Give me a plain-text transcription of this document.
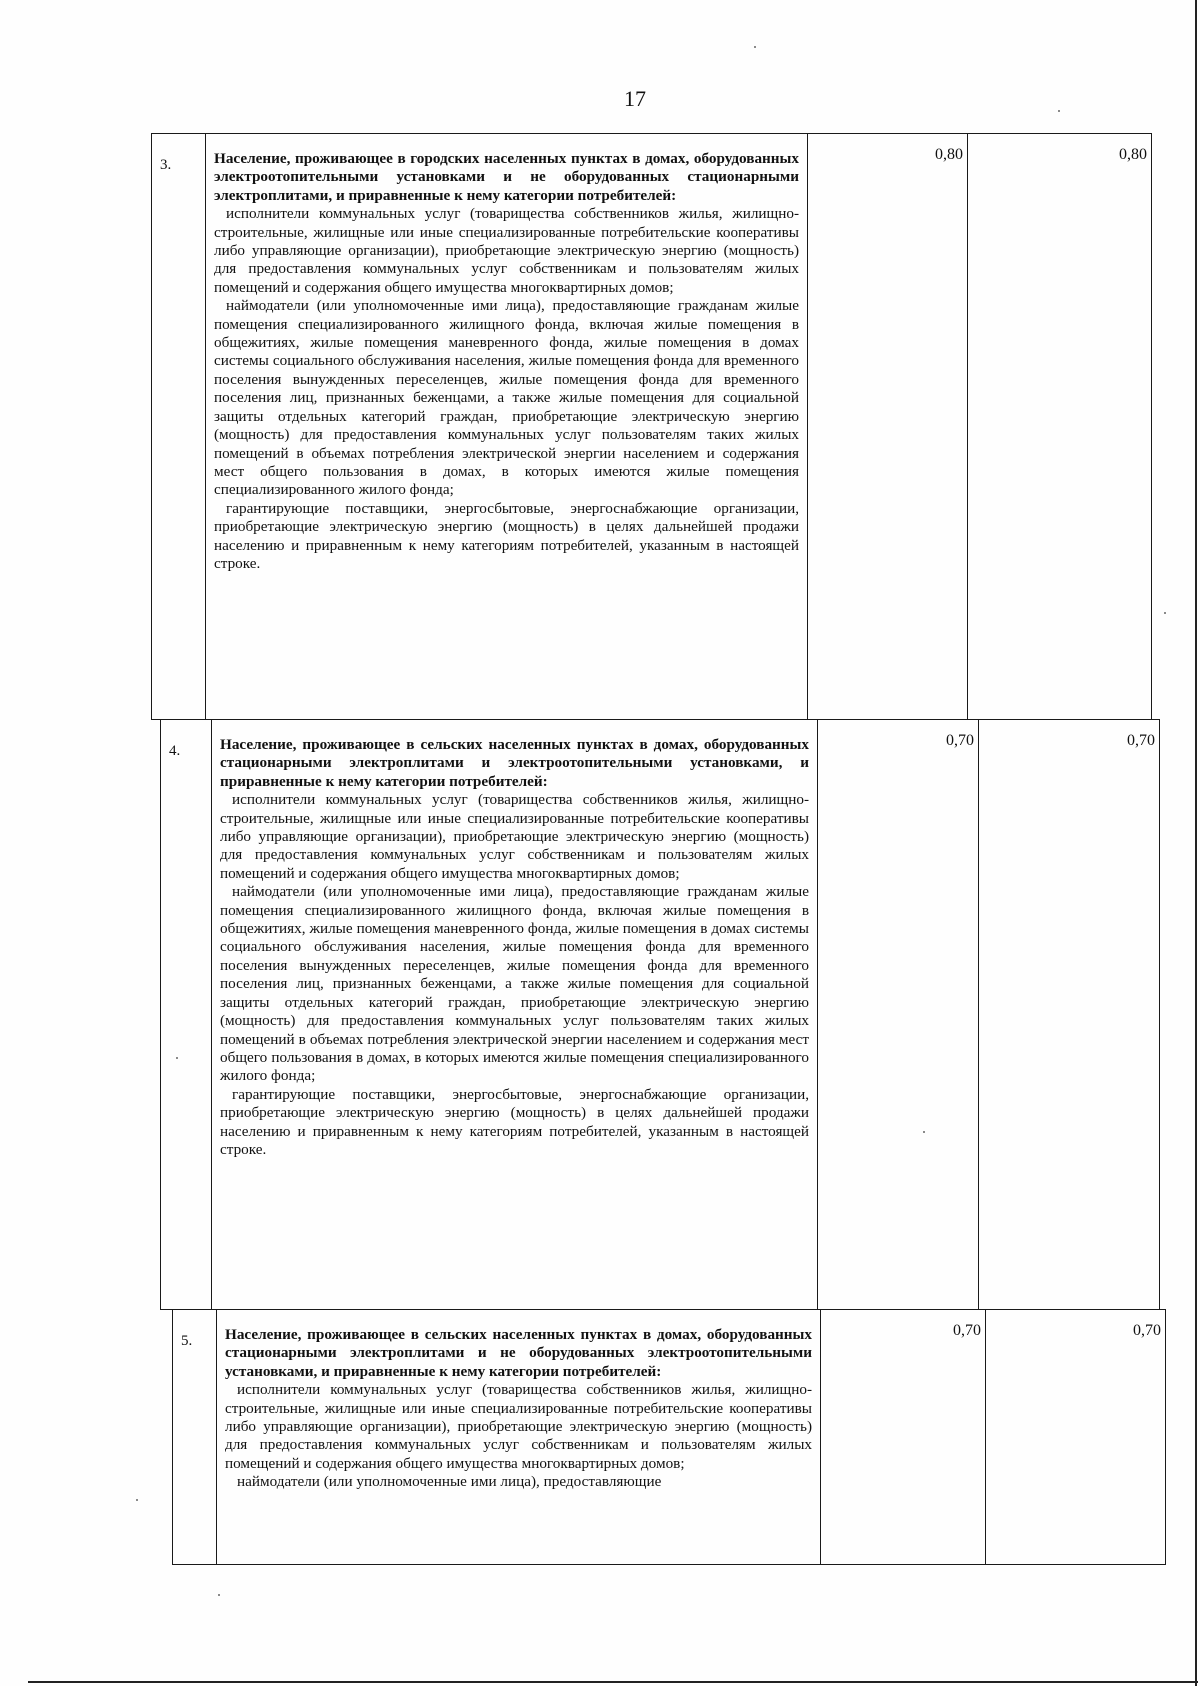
17
3.	Население, проживающее в городских населенных пунктах в домах, оборудованных электроотопительными установками и не оборудованных стационарными электроплитами, и приравненные к нему категории потребителей:

исполнители коммунальных услуг (товарищества собственников жилья, жилищно-строительные, жилищные или иные специализированные потребительские кооперативы либо управляющие организации), приобретающие электрическую энергию (мощность) для предоставления коммунальных услуг собственникам и пользователям жилых помещений и содержания общего имущества многоквартирных домов;

наймодатели (или уполномоченные ими лица), предоставляющие гражданам жилые помещения специализированного жилищного фонда, включая жилые помещения в общежитиях, жилые помещения маневренного фонда, жилые помещения в домах системы социального обслуживания населения, жилые помещения фонда для временного поселения вынужденных переселенцев, жилые помещения фонда для временного поселения лиц, признанных беженцами, а также жилые помещения для социальной защиты отдельных категорий граждан, приобретающие электрическую энергию (мощность) для предоставления коммунальных услуг пользователям таких жилых помещений в объемах потребления электрической энергии населением и содержания мест общего пользования в домах, в которых имеются жилые помещения специализированного жилого фонда;

гарантирующие поставщики, энергосбытовые, энергоснабжающие организации, приобретающие электрическую энергию (мощность) в целях дальнейшей продажи населению и приравненным к нему категориям потребителей, указанным в настоящей строке.

	0,80	0,80
4.	Население, проживающее в сельских населенных пунктах в домах, оборудованных стационарными электроплитами и электроотопительными установками, и приравненные к нему категории потребителей:

исполнители коммунальных услуг (товарищества собственников жилья, жилищно-строительные, жилищные или иные специализированные потребительские кооперативы либо управляющие организации), приобретающие электрическую энергию (мощность) для предоставления коммунальных услуг собственникам и пользователям жилых помещений и содержания общего имущества многоквартирных домов;

наймодатели (или уполномоченные ими лица), предоставляющие гражданам жилые помещения специализированного жилищного фонда, включая жилые помещения в общежитиях, жилые помещения маневренного фонда, жилые помещения в домах системы социального обслуживания населения, жилые помещения фонда для временного поселения вынужденных переселенцев, жилые помещения фонда для временного поселения лиц, признанных беженцами, а также жилые помещения для социальной защиты отдельных категорий граждан, приобретающие электрическую энергию (мощность) для предоставления коммунальных услуг пользователям таких жилых помещений в объемах потребления электрической энергии населением и содержания мест общего пользования в домах, в которых имеются жилые помещения специализированного жилого фонда;

гарантирующие поставщики, энергосбытовые, энергоснабжающие организации, приобретающие электрическую энергию (мощность) в целях дальнейшей продажи населению и приравненным к нему категориям потребителей, указанным в настоящей строке.

	0,70	0,70
5.	Население, проживающее в сельских населенных пунктах в домах, оборудованных стационарными электроплитами и не оборудованных электроотопительными установками, и приравненные к нему категории потребителей:

исполнители коммунальных услуг (товарищества собственников жилья, жилищно-строительные, жилищные или иные специализированные потребительские кооперативы либо управляющие организации), приобретающие электрическую энергию (мощность) для предоставления коммунальных услуг собственникам и пользователям жилых помещений и содержания общего имущества многоквартирных домов;

наймодатели (или уполномоченные ими лица), предоставляющие

	0,70	0,70
